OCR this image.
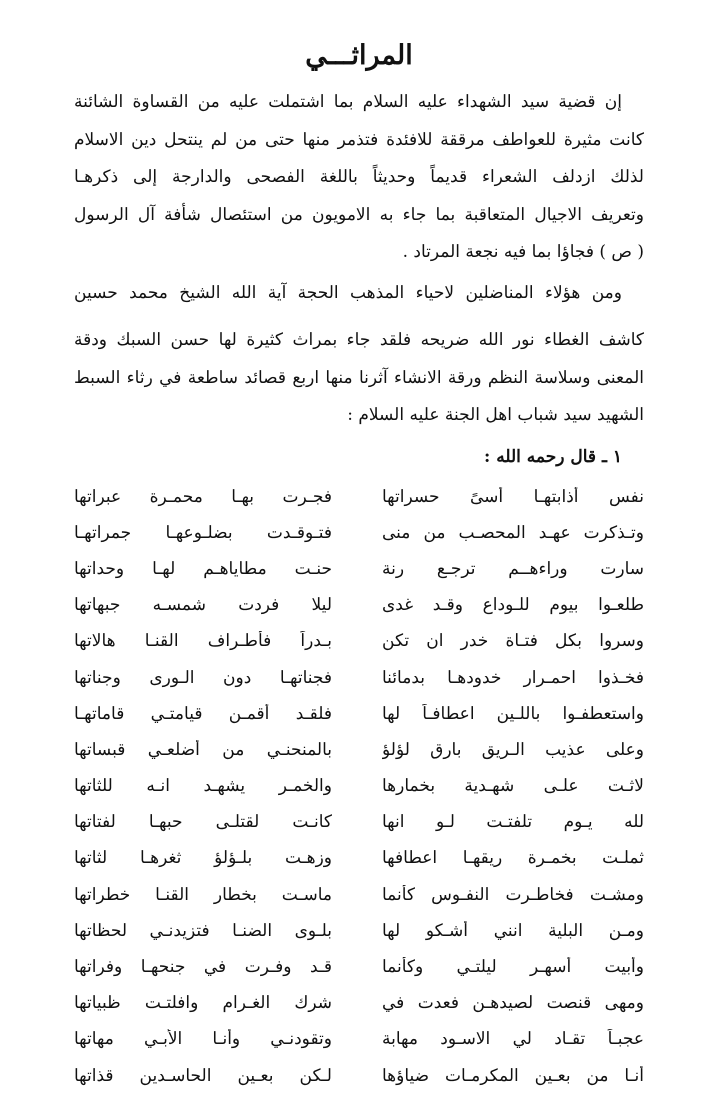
المراثـــي

إن قضية سيد الشهداء عليه السلام بما اشتملت عليه من القساوة الشائنة
كانت مثيرة للعواطف مرققة للافئدة فتذمر منها حتى من لم ينتحل دين الاسلام
لذلك ازدلف الشعراء قديماً وحديثاً باللغة الفصحى والدارجة إلى ذكرهـا
وتعريف الاجيال المتعاقبة بما جاء به الامويون من استئصال شأفة آل الرسول
( ص ) فجاؤا بما فيه نجعة المرتاد .

ومن هؤلاء المناضلين لاحياء المذهب الحجة آية الله الشيخ محمد حسين
كاشف الغطاء نور الله ضريحه فلقد جاء بمراث كثيرة لها حسن السبك ودقة
المعنى وسلاسة النظم ورقة الانشاء آثرنا منها اربع قصائد ساطعة في رثاء السبط
الشهيد سيد شباب اهل الجنة عليه السلام :

١ ـ قال رحمه الله :
نفس أذابتهـا أسىً حسراتها
فجـرت بهـا محمـرة عبراتها
وتـذكرت عهـد المحصـب من منى
فتـوقـدت بضلـوعهـا جمراتهـا
سارت وراءهــم ترجـع رنة
حنـت مطاياهـم لهـا وحداتها
طلعـوا بيوم للـوداع وقـد غدى
ليلا فردت شمسـه جبهاتها
وسروا بكل فتـاة خدر ان تكن
بـدراً فأطـراف القنـا هالاتها
فخـذوا احمـرار خدودهـا بدمائنا
فجناتهـا دون الـورى وجناتها
واستعطفـوا باللـين اعطافـاً لها
فلقـد أقمـن قيامتـي قاماتهـا
وعلى عذيب الـريق بارق لؤلؤ
بالمنحنـي من أضلعـي قبساتها
لاثـت علـى شهـدية بخمارها
والخمـر يشهـد انـه للثاتها
لله يـوم تلفتـت لـو انها
كانـت لقتلـى حبهـا لفتاتها
ثملـت بخمـرة ريقهـا اعطافها
وزهـت بلـؤلؤ ثغرهـا لثاتها
ومشـت فخاطـرت النفـوس كأنما
ماسـت بخطار القنـا خطراتها
ومـن البلية انني أشـكو لها
بلـوى الضنـا فتزيدنـي لحظاتها
وأبيت أسهـر ليلتـي وكأنما
قـد وفـرت في جنحهـا وفراتها
ومهى قنصت لصيدهـن فعدت في
شرك الغـرام وافلتـت ظبياتها
عجبـاً تقـاد لي الاسـود مهابة
وتقودنـي وأنـا الأبـي مهاتها
أنـا من بعـين المكرمـات ضياؤها
لـكن بعـين الحاسـدين قذاتها
